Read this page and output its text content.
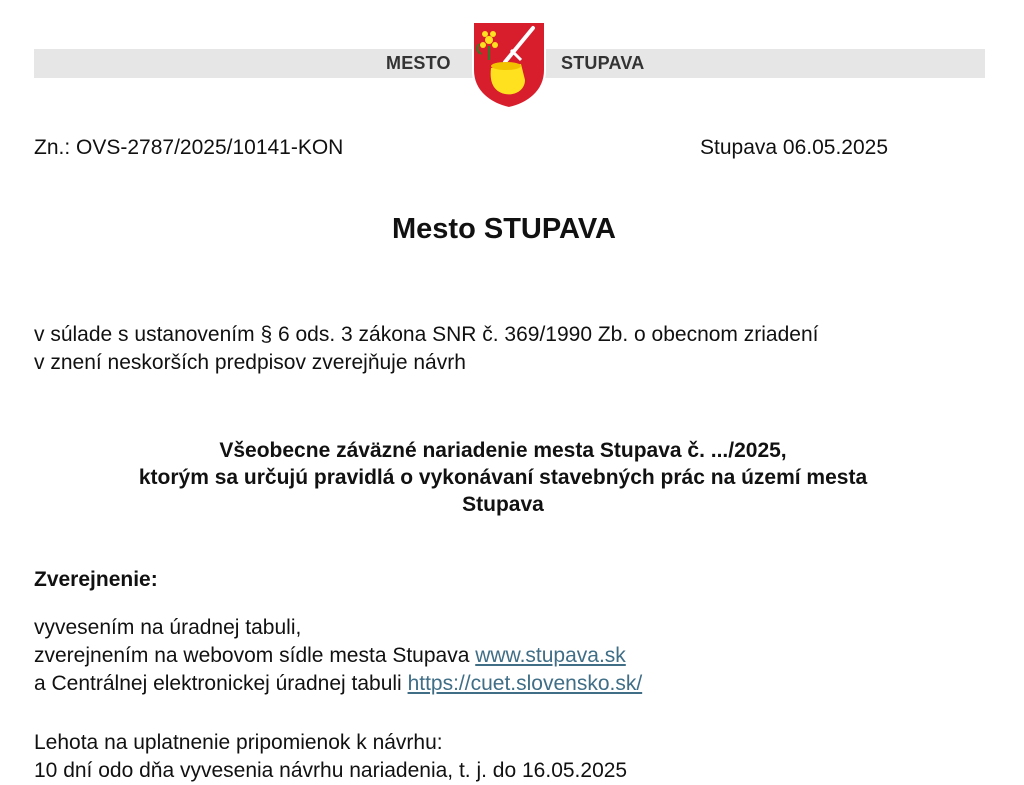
MESTO	STUPAVA
Zn.: OVS-2787/2025/10141-KON	Stupava 06.05.2025
Mesto STUPAVA
v súlade s ustanovením § 6 ods. 3 zákona SNR č. 369/1990 Zb. o obecnom zriadení
v znení neskorších predpisov zverejňuje návrh
Všeobecne záväzné nariadenie mesta Stupava č. .../2025,
ktorým sa určujú pravidlá o vykonávaní stavebných prác na území mesta
Stupava
Zverejnenie:
vyvesením na úradnej tabuli,
zverejnením na webovom sídle mesta Stupava www.stupava.sk
a Centrálnej elektronickej úradnej tabuli https://cuet.slovensko.sk/
Lehota na uplatnenie pripomienok k návrhu:
10 dní odo dňa vyvesenia návrhu nariadenia, t. j. do 16.05.2025
